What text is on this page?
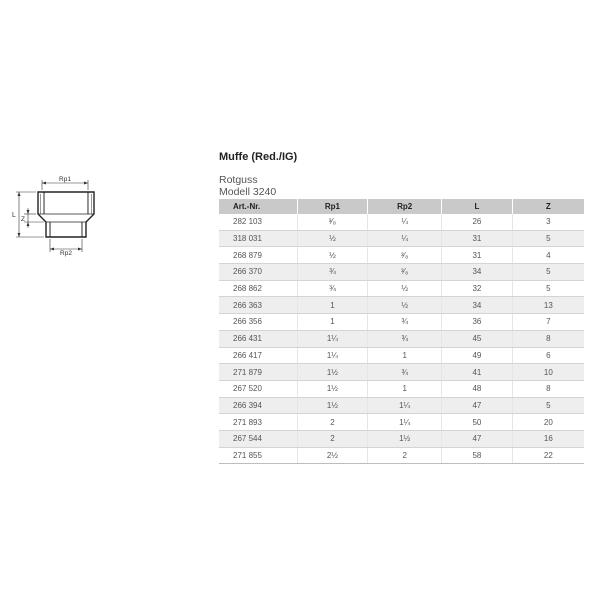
Rp1
L
Z
Rp2
Muffe (Red./IG)
Rotguss
Modell 3240
Art.-Nr.	Rp1	Rp2	L	Z
282 103	³⁄₈	¼	26	3
318 031	½	¼	31	5
268 879	½	³⁄₈	31	4
266 370	¾	³⁄₈	34	5
268 862	¾	½	32	5
266 363	1	½	34	13
266 356	1	¾	36	7
266 431	1¼	¾	45	8
266 417	1¼	1	49	6
271 879	1½	¾	41	10
267 520	1½	1	48	8
266 394	1½	1¼	47	5
271 893	2	1¼	50	20
267 544	2	1½	47	16
271 855	2½	2	58	22
